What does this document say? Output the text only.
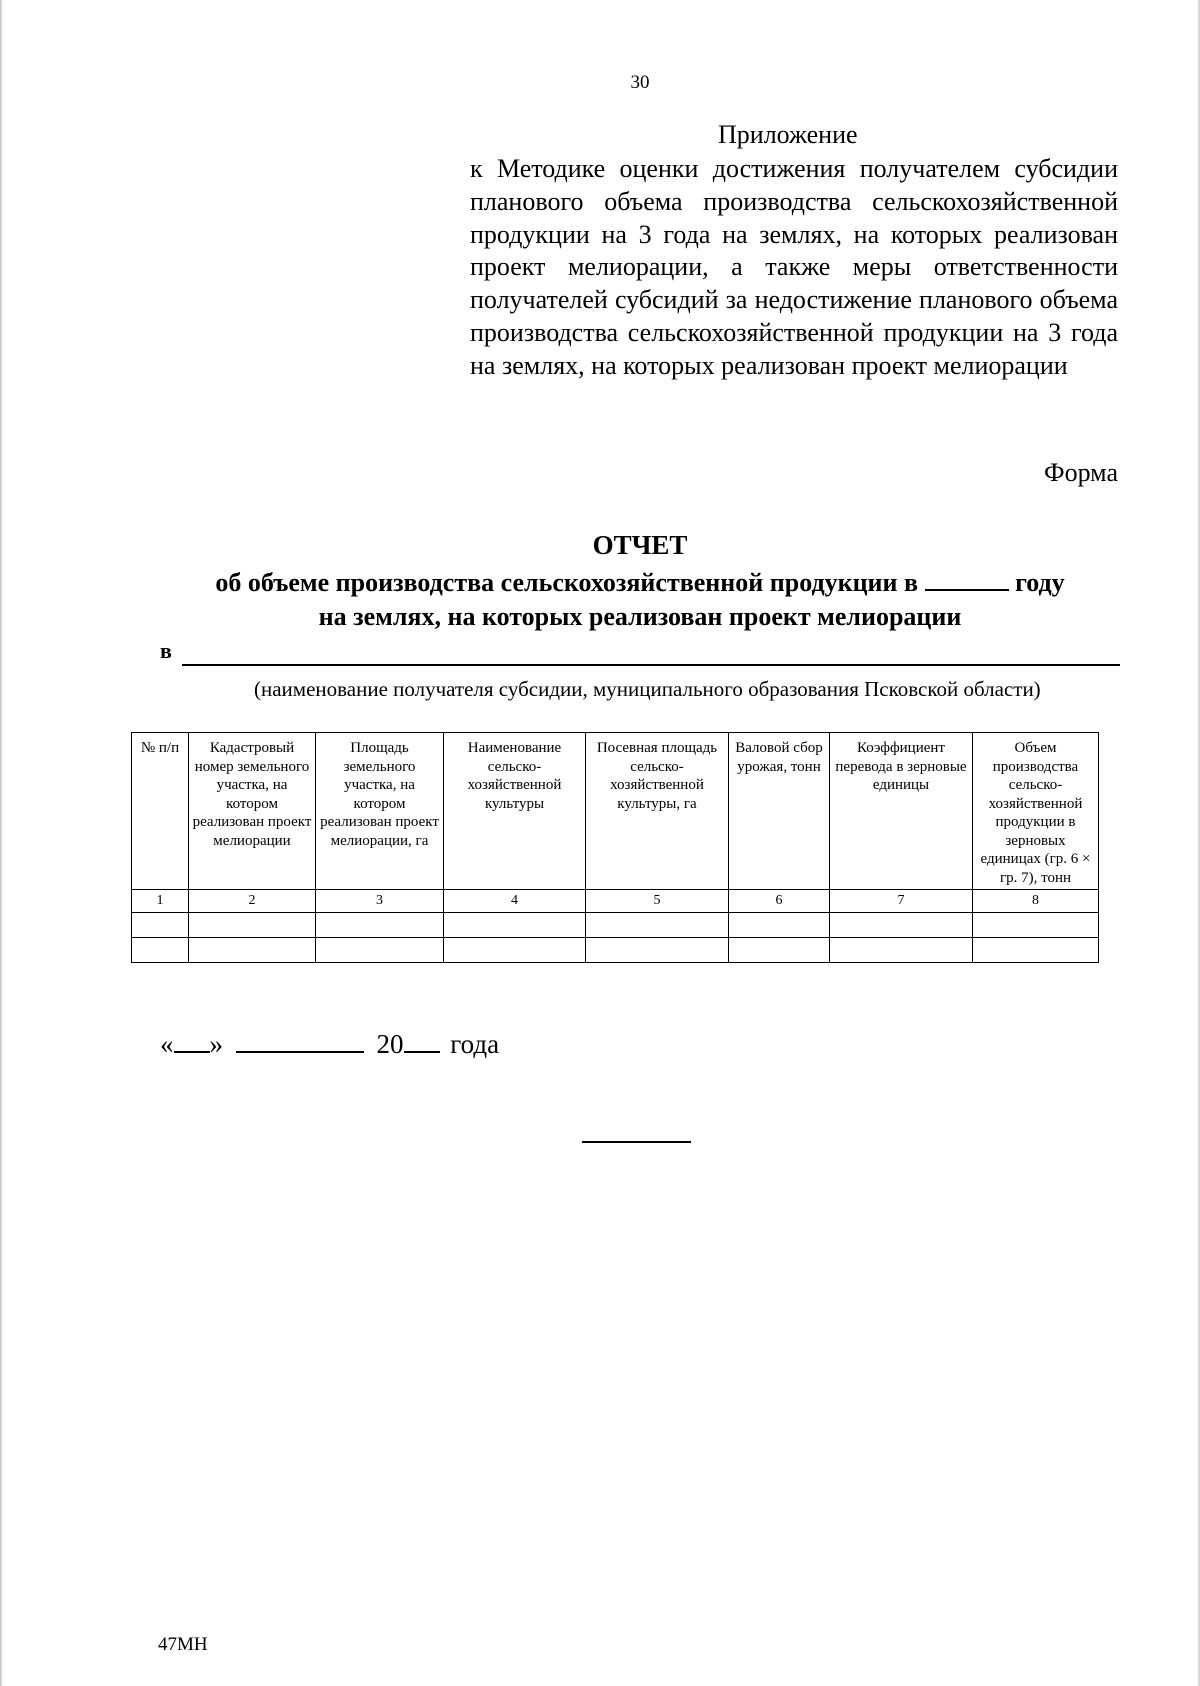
30
Приложение
к Методике оценки достижения получателем субсидии планового объема производства сельскохозяйственной продукции на 3 года на землях, на которых реализован проект мелиорации, а также меры ответственности получателей субсидий за недостижение планового объема производства сельскохозяйственной продукции на 3 года на землях, на которых реализован проект мелиорации
Форма
ОТЧЕТ
об объеме производства сельскохозяйственной продукции в	году
на землях, на которых реализован проект мелиорации
в
(наименование получателя субсидии, муниципального образования Псковской области)
№ п/п	Кадастровый номер земельного участка, на котором реализован проект мелиорации	Площадь земельного участка, на котором реализован проект мелиорации, га	Наименование сельско-хозяйственной культуры	Посевная площадь сельско-хозяйственной культуры, га	Валовой сбор урожая, тонн	Коэффициент перевода в зерновые единицы	Объем производства сельско-хозяйственной продукции в зерновых единицах (гр. 6 × гр. 7), тонн
1	2	3	4	5	6	7	8

« »	20 года
47МН
